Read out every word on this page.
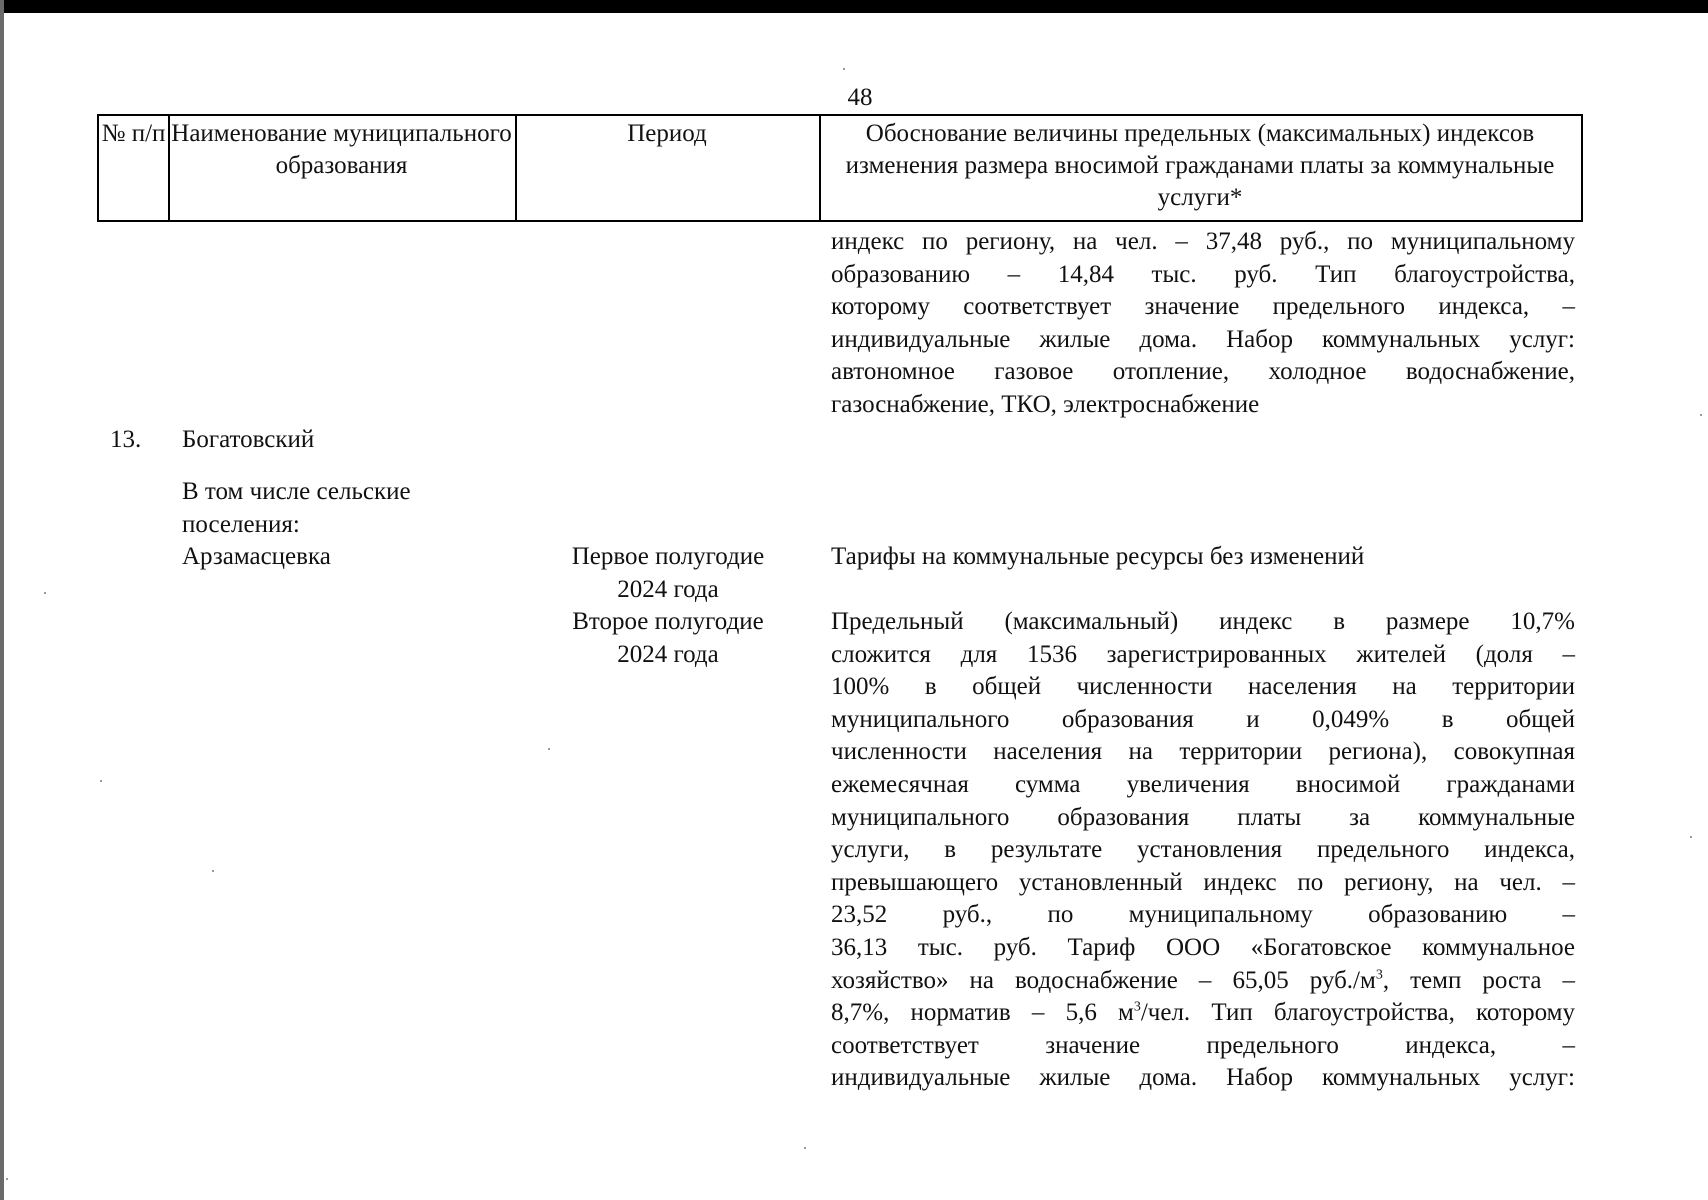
48
№ п/п Наименование муниципального образования
Период	Обоснование величины предельных (максимальных) индексов изменения размера вносимой гражданами платы за коммунальные услуги*
индекс по региону, на чел. – 37,48 руб., по муниципальному
образованию – 14,84 тыс. руб. Тип благоустройства,
которому соответствует значение предельного индекса, –
индивидуальные жилые дома. Набор коммунальных услуг:
автономное газовое отопление, холодное водоснабжение,
газоснабжение, ТКО, электроснабжение
13. Богатовский
В том числе сельские поселения:
Арзамасцевка	Первое полугодие 2024 года
Тарифы на коммунальные ресурсы без изменений
Второе полугодие 2024 года
Предельный (максимальный) индекс в размере 10,7%
сложится для 1536 зарегистрированных жителей (доля –
100% в общей численности населения на территории
муниципального образования и 0,049% в общей
численности населения на территории региона), совокупная
ежемесячная сумма увеличения вносимой гражданами
муниципального образования платы за коммунальные
услуги, в результате установления предельного индекса,
превышающего установленный индекс по региону, на чел. –
23,52 руб., по муниципальному образованию –
36,13 тыс. руб. Тариф ООО «Богатовское коммунальное
хозяйство» на водоснабжение – 65,05 $руб./м^3$, темп роста –
8,7%, норматив – 5,6 $м^3$/чел. Тип благоустройства, которому
соответствует значение предельного индекса, –
индивидуальные жилые дома. Набор коммунальных услуг:
